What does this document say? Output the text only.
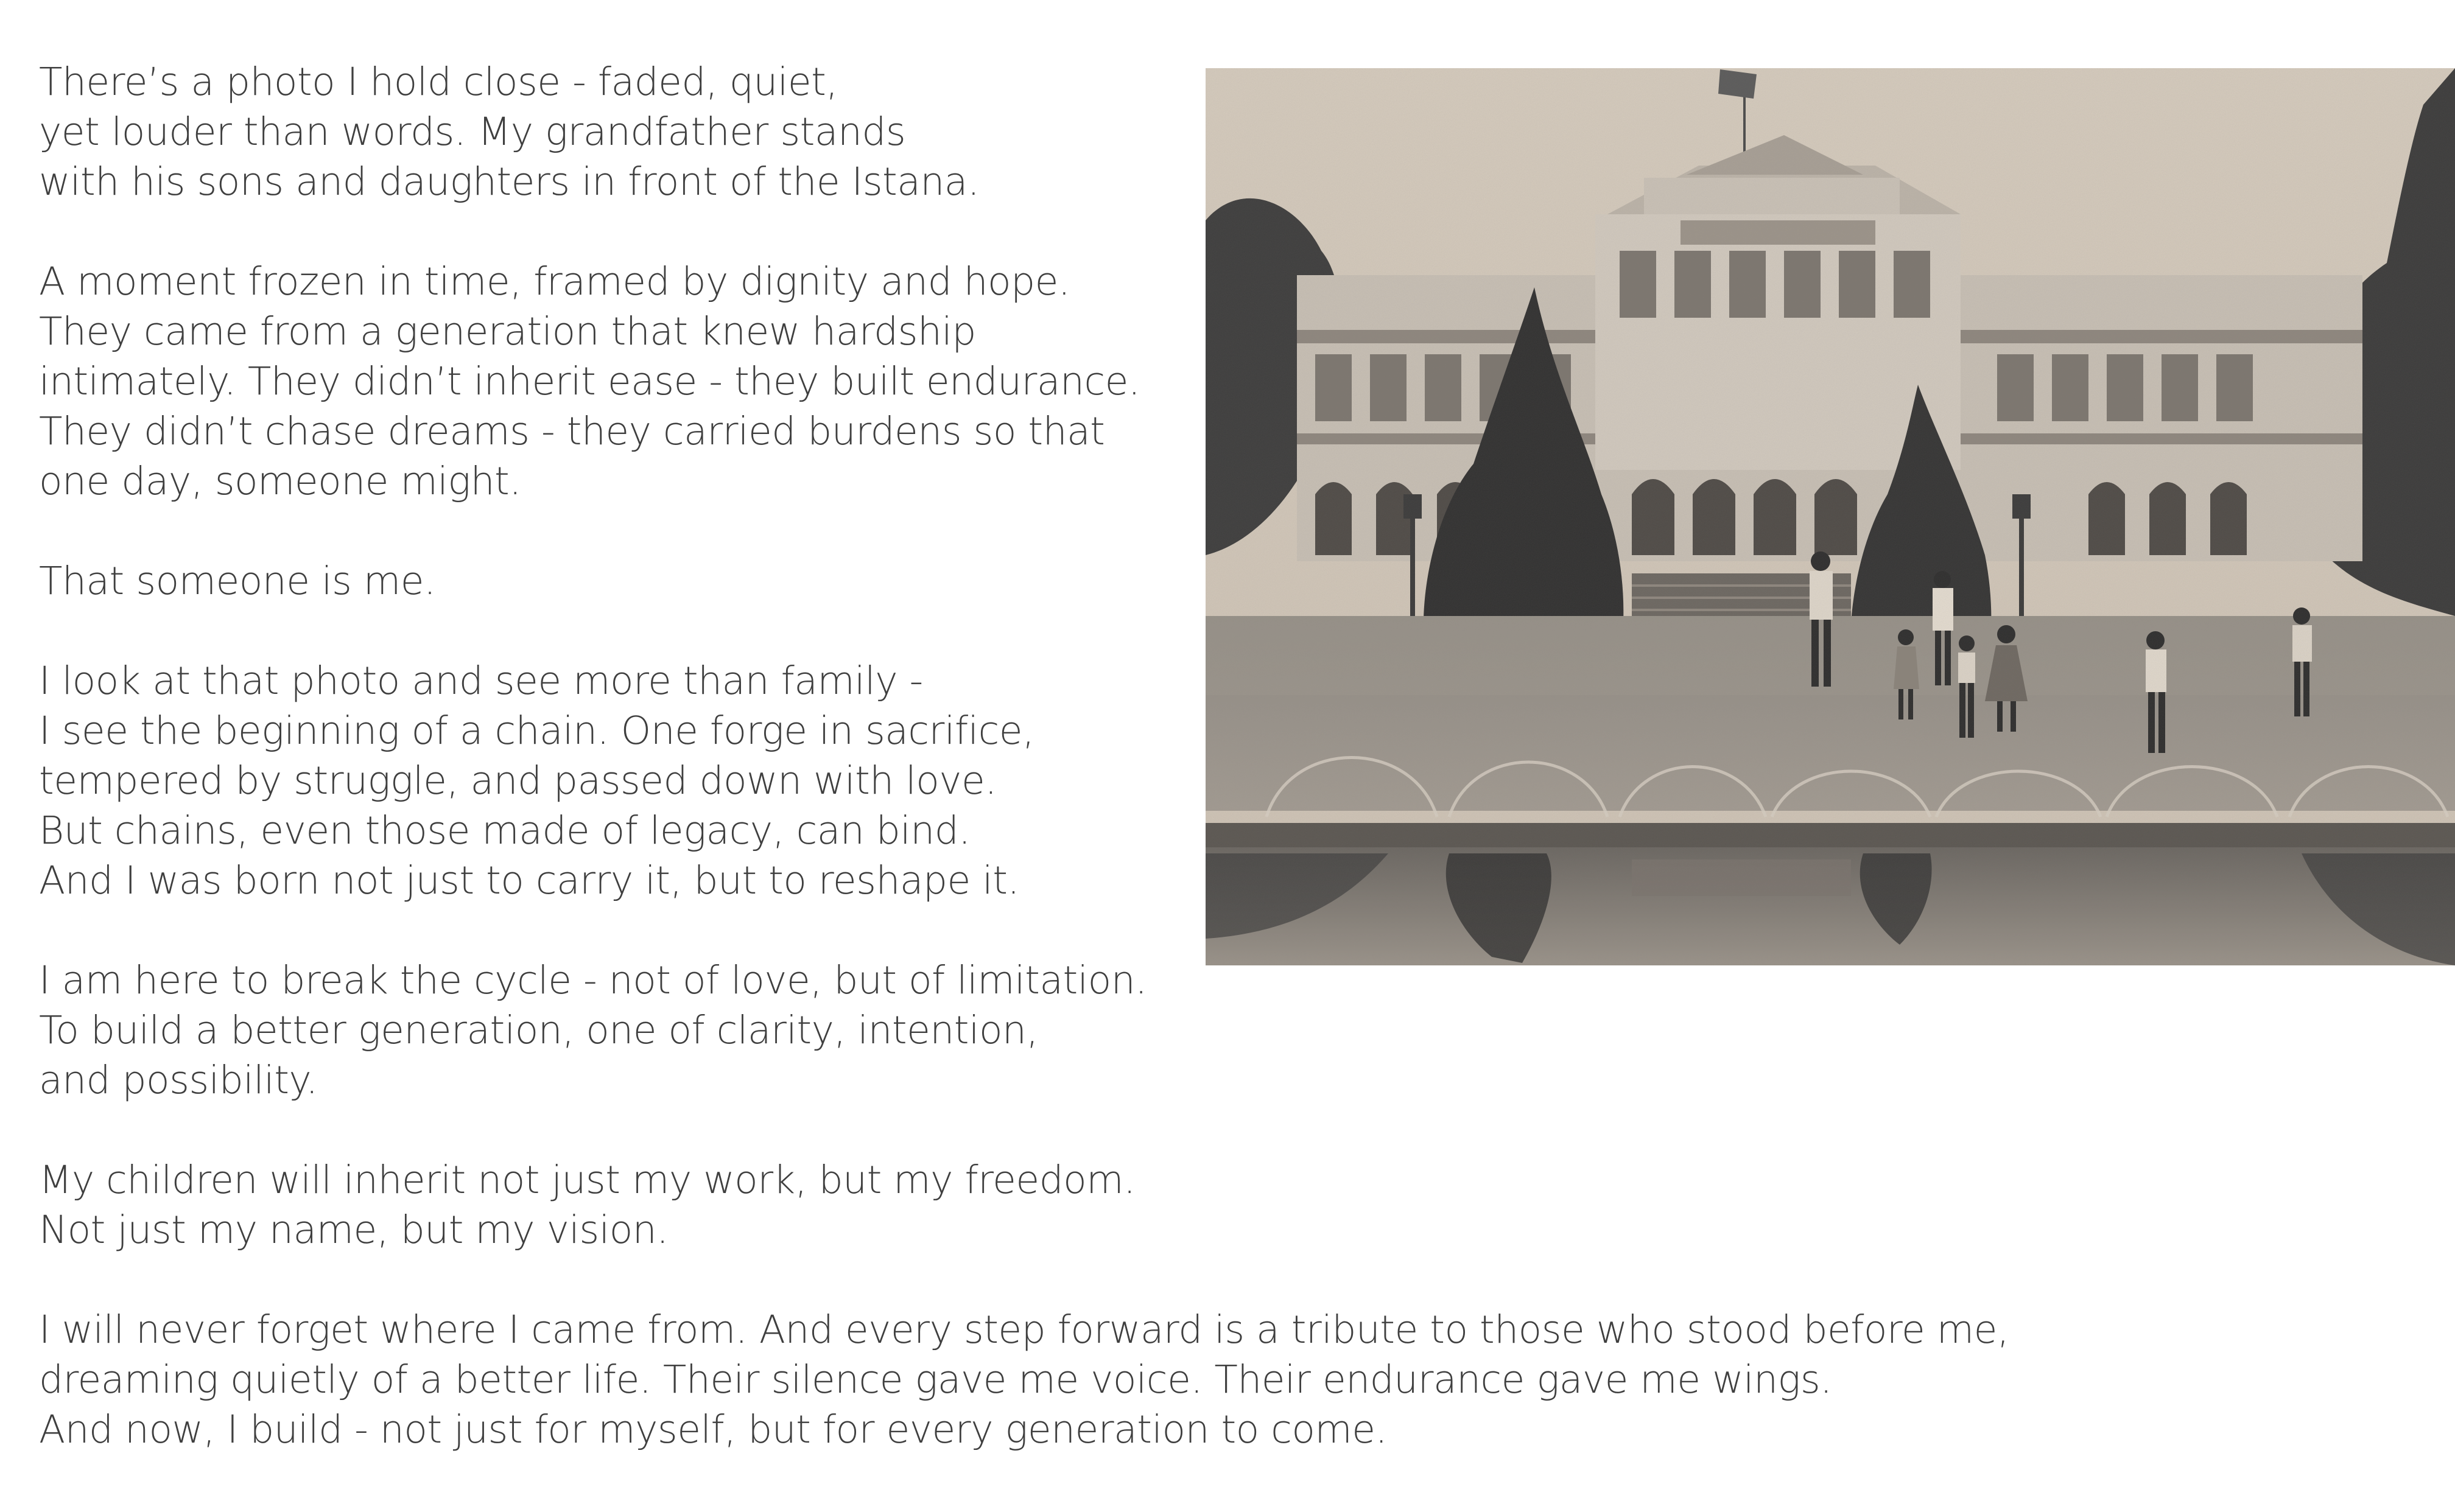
There’s a photo I hold close - faded, quiet,
yet louder than words. My grandfather stands
with his sons and daughters in front of the Istana.
A moment frozen in time, framed by dignity and hope.
They came from a generation that knew hardship
intimately. They didn’t inherit ease - they built endurance.
They didn’t chase dreams - they carried burdens so that
one day, someone might.
That someone is me.
I look at that photo and see more than family -
I see the beginning of a chain. One forge in sacrifice,
tempered by struggle, and passed down with love.
But chains, even those made of legacy, can bind.
And I was born not just to carry it, but to reshape it.
I am here to break the cycle - not of love, but of limitation.
To build a better generation, one of clarity, intention,
and possibility.
My children will inherit not just my work, but my freedom.
Not just my name, but my vision.
I will never forget where I came from. And every step forward is a tribute to those who stood before me,
dreaming quietly of a better life. Their silence gave me voice. Their endurance gave me wings.
And now, I build - not just for myself, but for every generation to come.
